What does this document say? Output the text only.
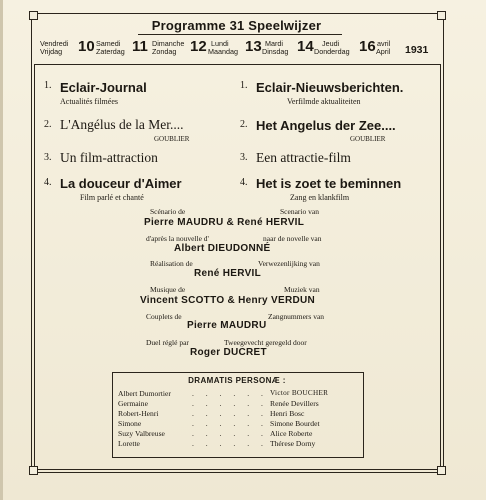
Programme 31 Speelwijzer
Vendredi
Vrijdag 10 Samedi
Zaterdag 11 Dimanche
Zondag 12 Lundi
Maandag 13 Mardi
Dinsdag 14 Jeudi
Donderdag 16 avril
April 1931
1. Eclair-Journal
Actualités filmées
2. L'Angélus de la Mer....
GOUBLIER
3. Un film-attraction
4. La douceur d'Aimer
Film parlé et chanté
1. Eclair-Nieuwsberichten.
Verfilmde aktualiteiten
2. Het Angelus der Zee....
GOUBLIER
3. Een attractie-film
4. Het is zoet te beminnen
Zang en klankfilm
Scénario de	Scenario van
Pierre MAUDRU & René HERVIL
d'après la nouvelle d'	naar de novelle van
Albert DIEUDONNÉ
Réalisation de	Verwezenlijking van
René HERVIL
Musique de	Muziek van
Vincent SCOTTO & Henry VERDUN
Couplets de	Zangnummers van
Pierre MAUDRU
Duel réglé par	Tweegevecht geregeld door
Roger DUCRET
DRAMATIS PERSONÆ :
Albert Dumortier	. . . . . . Victor BOUCHER
Germaine	. . . . . . Renée Devillers
Robert-Henri	. . . . . . Henri Bosc
Simone	. . . . . . Simone Bourdet
Suzy Valbreuse	. . . . . . Alice Roberte
Lorette	. . . . . . Thérese Dorny
